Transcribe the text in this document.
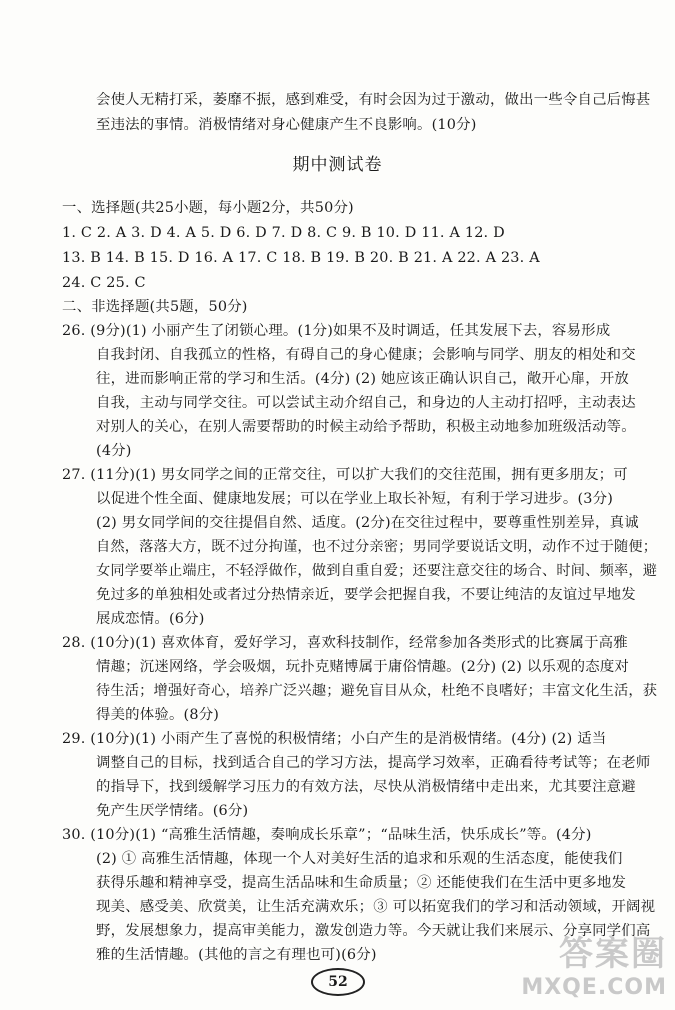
会使人无精打采，萎靡不振，感到难受，有时会因为过于激动，做出一些令自己后悔甚
至违法的事情。消极情绪对身心健康产生不良影响。(10分)
期中测试卷
一、选择题(共25小题，每小题2分，共50分)
1. C 2. A 3. D 4. A 5. D 6. D 7. D 8. C 9. B 10. D 11. A 12. D
13. B 14. B 15. D 16. A 17. C 18. B 19. B 20. B 21. A 22. A 23. A
24. C 25. C
二、非选择题(共5题，50分)
26. (9分)(1) 小丽产生了闭锁心理。(1分)如果不及时调适，任其发展下去，容易形成
自我封闭、自我孤立的性格，有碍自己的身心健康；会影响与同学、朋友的相处和交
往，进而影响正常的学习和生活。(4分) (2) 她应该正确认识自己，敞开心扉，开放
自我，主动与同学交往。可以尝试主动介绍自己，和身边的人主动打招呼，主动表达
对别人的关心，在别人需要帮助的时候主动给予帮助，积极主动地参加班级活动等。
(4分)
27. (11分)(1) 男女同学之间的正常交往，可以扩大我们的交往范围，拥有更多朋友；可
以促进个性全面、健康地发展；可以在学业上取长补短，有利于学习进步。(3分)
(2) 男女同学间的交往提倡自然、适度。(2分)在交往过程中，要尊重性别差异，真诚
自然，落落大方，既不过分拘谨，也不过分亲密；男同学要说话文明，动作不过于随便；
女同学要举止端庄，不轻浮做作，做到自重自爱；还要注意交往的场合、时间、频率，避
免过多的单独相处或者过分热情亲近，要学会把握自我，不要让纯洁的友谊过早地发
展成恋情。(6分)
28. (10分)(1) 喜欢体育，爱好学习，喜欢科技制作，经常参加各类形式的比赛属于高雅
情趣；沉迷网络，学会吸烟，玩扑克赌博属于庸俗情趣。(2分) (2) 以乐观的态度对
待生活；增强好奇心，培养广泛兴趣；避免盲目从众，杜绝不良嗜好；丰富文化生活，获
得美的体验。(8分)
29. (10分)(1) 小雨产生了喜悦的积极情绪；小白产生的是消极情绪。(4分) (2) 适当
调整自己的目标，找到适合自己的学习方法，提高学习效率，正确看待考试等；在老师
的指导下，找到缓解学习压力的有效方法，尽快从消极情绪中走出来，尤其要注意避
免产生厌学情绪。(6分)
30. (10分)(1) “高雅生活情趣，奏响成长乐章”；“品味生活，快乐成长”等。(4分)
(2) ① 高雅生活情趣，体现一个人对美好生活的追求和乐观的生活态度，能使我们
获得乐趣和精神享受，提高生活品味和生命质量；② 还能使我们在生活中更多地发
现美、感受美、欣赏美，让生活充满欢乐；③ 可以拓宽我们的学习和活动领域，开阔视
野，发展想象力，提高审美能力，激发创造力等。今天就让我们来展示、分享同学们高
雅的生活情趣。(其他的言之有理也可)(6分)
52
答案圈
MXQE.COM
